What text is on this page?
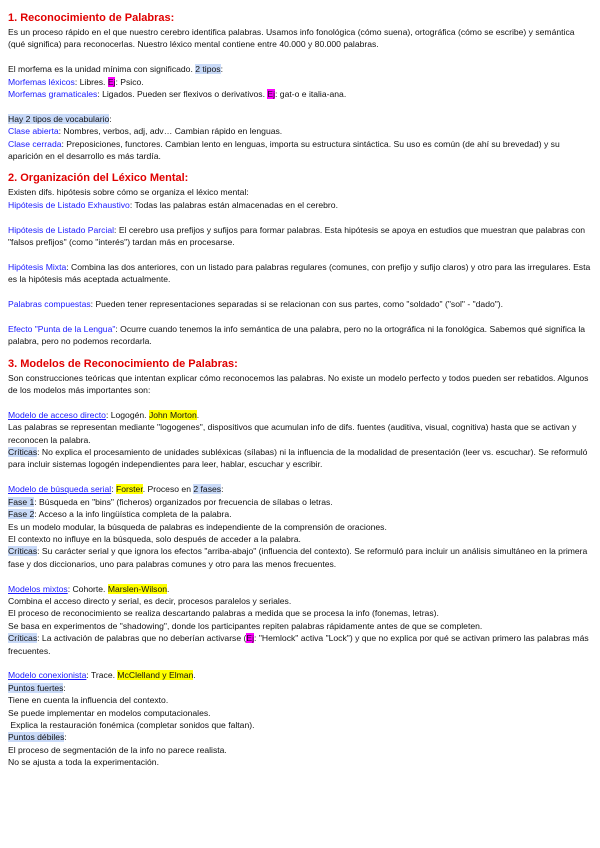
1. Reconocimiento de Palabras:

Es un proceso rápido en el que nuestro cerebro identifica palabras. Usamos info fonológica (cómo suena), ortográfica (cómo se escribe) y semántica (qué significa) para reconocerlas. Nuestro léxico mental contiene entre 40.000 y 80.000 palabras.

El morfema es la unidad mínima con significado. 2 tipos:

Morfemas léxicos: Libres. Ej: Psico.

Morfemas gramaticales: Ligados. Pueden ser flexivos o derivativos. Ej: gat-o e italia-ana.

Hay 2 tipos de vocabulario:

Clase abierta: Nombres, verbos, adj, adv… Cambian rápido en lenguas.

Clase cerrada: Preposiciones, functores. Cambian lento en lenguas, importa su estructura sintáctica. Su uso es común (de ahí su brevedad) y su aparición en el desarrollo es más tardía.

2. Organización del Léxico Mental:

Existen difs. hipótesis sobre cómo se organiza el léxico mental:

Hipótesis de Listado Exhaustivo: Todas las palabras están almacenadas en el cerebro.

Hipótesis de Listado Parcial: El cerebro usa prefijos y sufijos para formar palabras. Esta hipótesis se apoya en estudios que muestran que palabras con "falsos prefijos" (como "interés") tardan más en procesarse.

Hipótesis Mixta: Combina las dos anteriores, con un listado para palabras regulares (comunes, con prefijo y sufijo claros) y otro para las irregulares. Esta es la hipótesis más aceptada actualmente.

Palabras compuestas: Pueden tener representaciones separadas si se relacionan con sus partes, como "soldado" ("sol" - "dado").

Efecto "Punta de la Lengua": Ocurre cuando tenemos la info semántica de una palabra, pero no la ortográfica ni la fonológica. Sabemos qué significa la palabra, pero no podemos recordarla.

3. Modelos de Reconocimiento de Palabras:

Son construcciones teóricas que intentan explicar cómo reconocemos las palabras. No existe un modelo perfecto y todos pueden ser rebatidos. Algunos de los modelos más importantes son:

Modelo de acceso directo: Logogén. John Morton.

Las palabras se representan mediante "logogenes", dispositivos que acumulan info de difs. fuentes (auditiva, visual, cognitiva) hasta que se activan y reconocen la palabra.

Críticas: No explica el procesamiento de unidades subléxicas (sílabas) ni la influencia de la modalidad de presentación (leer vs. escuchar). Se reformuló para incluir sistemas logogén independientes para leer, hablar, escuchar y escribir.

Modelo de búsqueda serial: Forster. Proceso en 2 fases:

Fase 1: Búsqueda en "bins" (ficheros) organizados por frecuencia de sílabas o letras.

Fase 2: Acceso a la info lingüística completa de la palabra.

Es un modelo modular, la búsqueda de palabras es independiente de la comprensión de oraciones.

El contexto no influye en la búsqueda, solo después de acceder a la palabra.

Críticas: Su carácter serial y que ignora los efectos "arriba-abajo" (influencia del contexto). Se reformuló para incluir un análisis simultáneo en la primera fase y dos diccionarios, uno para palabras comunes y otro para las menos frecuentes.

Modelos mixtos: Cohorte. Marslen-Wilson.

Combina el acceso directo y serial, es decir, procesos paralelos y seriales.

El proceso de reconocimiento se realiza descartando palabras a medida que se procesa la info (fonemas, letras).

Se basa en experimentos de "shadowing", donde los participantes repiten palabras rápidamente antes de que se completen.

Críticas: La activación de palabras que no deberían activarse (Ej: "Hemlock" activa "Lock") y que no explica por qué se activan primero las palabras más frecuentes.

Modelo conexionista: Trace. McClelland y Elman.

Puntos fuertes:

Tiene en cuenta la influencia del contexto.

Se puede implementar en modelos computacionales.

Explica la restauración fonémica (completar sonidos que faltan).

Puntos débiles:

El proceso de segmentación de la info no parece realista.

No se ajusta a toda la experimentación.
